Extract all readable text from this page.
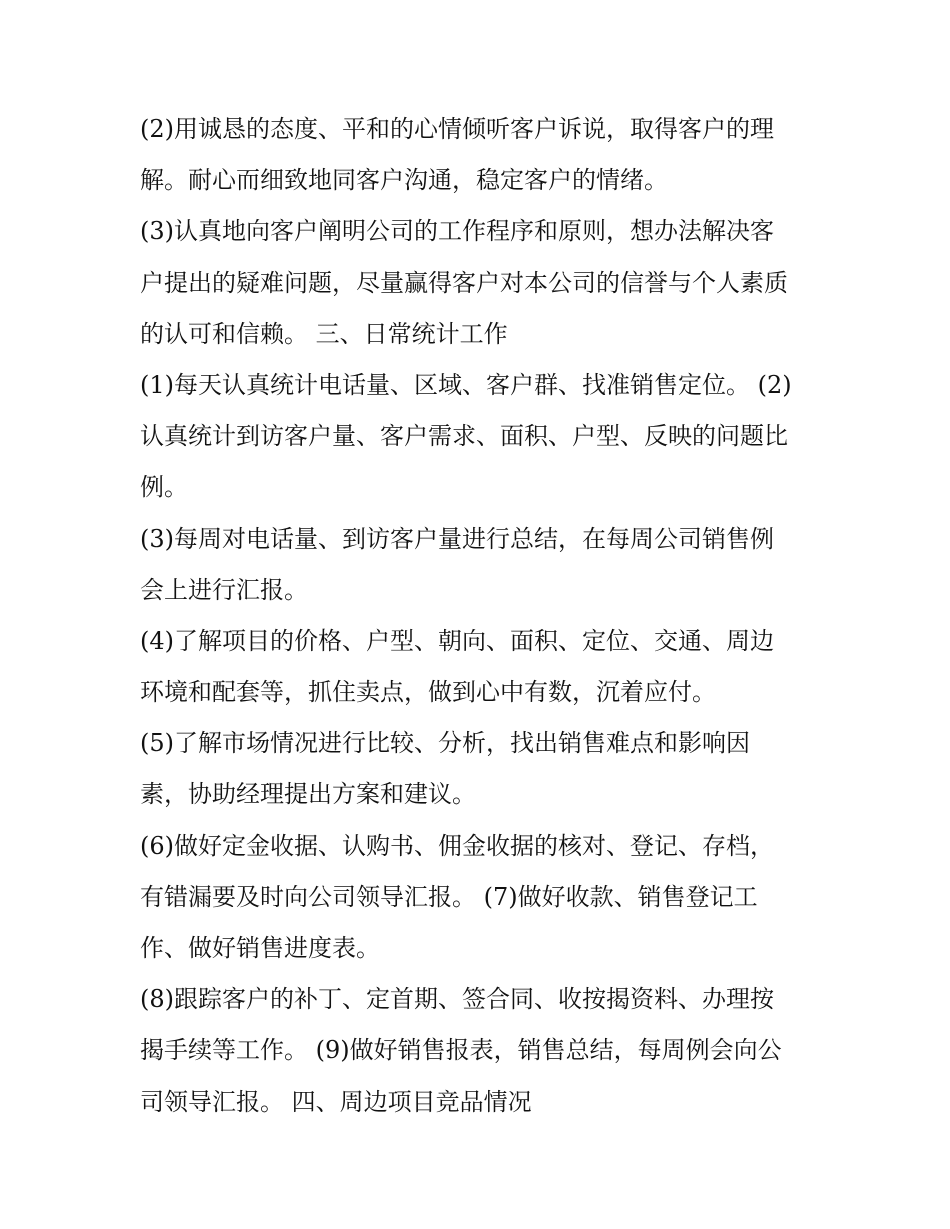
(2)用诚恳的态度、平和的心情倾听客户诉说，取得客户的理
解。耐心而细致地同客户沟通，稳定客户的情绪。
(3)认真地向客户阐明公司的工作程序和原则，想办法解决客
户提出的疑难问题，尽量赢得客户对本公司的信誉与个人素质
的认可和信赖。 三、日常统计工作
(1)每天认真统计电话量、区域、客户群、找准销售定位。 (2)
认真统计到访客户量、客户需求、面积、户型、反映的问题比
例。
(3)每周对电话量、到访客户量进行总结，在每周公司销售例
会上进行汇报。
(4)了解项目的价格、户型、朝向、面积、定位、交通、周边
环境和配套等，抓住卖点，做到心中有数，沉着应付。
(5)了解市场情况进行比较、分析，找出销售难点和影响因
素，协助经理提出方案和建议。
(6)做好定金收据、认购书、佣金收据的核对、登记、存档，
有错漏要及时向公司领导汇报。 (7)做好收款、销售登记工
作、做好销售进度表。
(8)跟踪客户的补丁、定首期、签合同、收按揭资料、办理按
揭手续等工作。 (9)做好销售报表，销售总结，每周例会向公
司领导汇报。 四、周边项目竞品情况
